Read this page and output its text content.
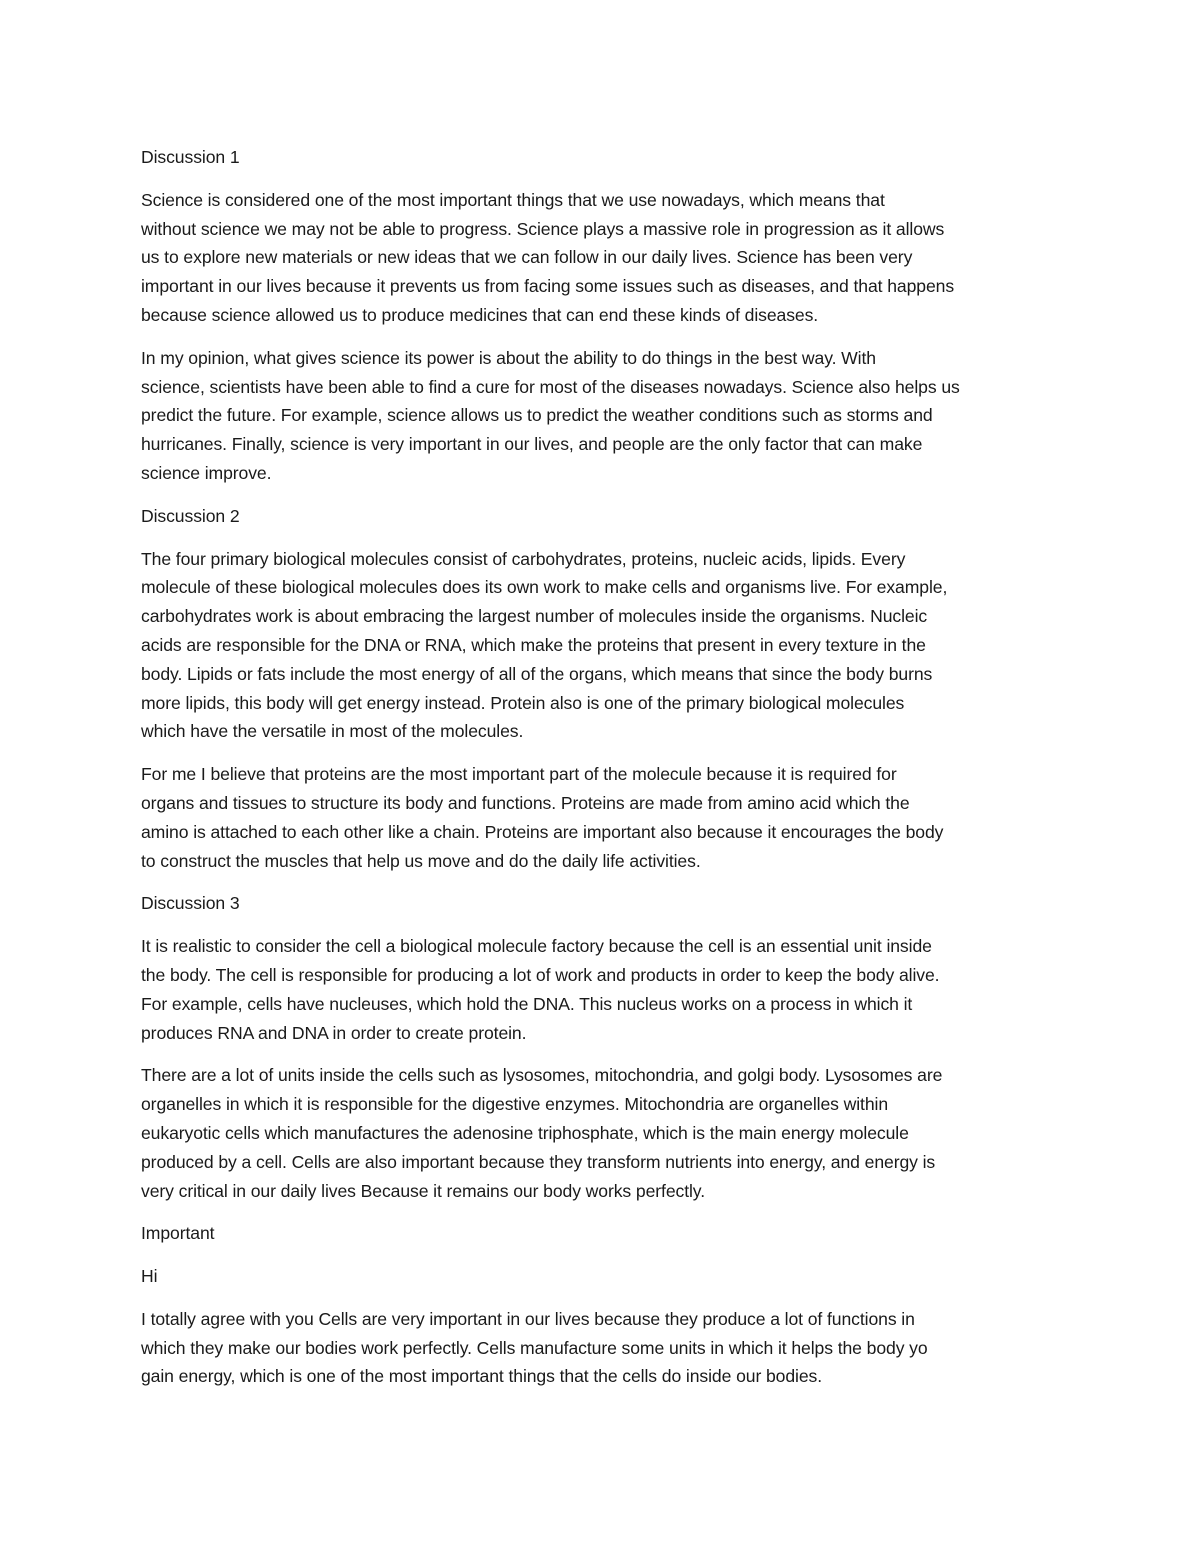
Discussion 1

Science is considered one of the most important things that we use nowadays, which means that
without science we may not be able to progress. Science plays a massive role in progression as it allows
us to explore new materials or new ideas that we can follow in our daily lives. Science has been very
important in our lives because it prevents us from facing some issues such as diseases, and that happens
because science allowed us to produce medicines that can end these kinds of diseases.

In my opinion, what gives science its power is about the ability to do things in the best way. With
science, scientists have been able to find a cure for most of the diseases nowadays. Science also helps us
predict the future. For example, science allows us to predict the weather conditions such as storms and
hurricanes. Finally, science is very important in our lives, and people are the only factor that can make
science improve.

Discussion 2

The four primary biological molecules consist of carbohydrates, proteins, nucleic acids, lipids. Every
molecule of these biological molecules does its own work to make cells and organisms live. For example,
carbohydrates work is about embracing the largest number of molecules inside the organisms. Nucleic
acids are responsible for the DNA or RNA, which make the proteins that present in every texture in the
body. Lipids or fats include the most energy of all of the organs, which means that since the body burns
more lipids, this body will get energy instead. Protein also is one of the primary biological molecules
which have the versatile in most of the molecules.

For me I believe that proteins are the most important part of the molecule because it is required for
organs and tissues to structure its body and functions. Proteins are made from amino acid which the
amino is attached to each other like a chain. Proteins are important also because it encourages the body
to construct the muscles that help us move and do the daily life activities.

Discussion 3

It is realistic to consider the cell a biological molecule factory because the cell is an essential unit inside
the body. The cell is responsible for producing a lot of work and products in order to keep the body alive.
For example, cells have nucleuses, which hold the DNA. This nucleus works on a process in which it
produces RNA and DNA in order to create protein.

There are a lot of units inside the cells such as lysosomes, mitochondria, and golgi body. Lysosomes are
organelles in which it is responsible for the digestive enzymes. Mitochondria are organelles within
eukaryotic cells which manufactures the adenosine triphosphate, which is the main energy molecule
produced by a cell. Cells are also important because they transform nutrients into energy, and energy is
very critical in our daily lives Because it remains our body works perfectly.

Important

Hi

I totally agree with you Cells are very important in our lives because they produce a lot of functions in
which they make our bodies work perfectly. Cells manufacture some units in which it helps the body yo
gain energy, which is one of the most important things that the cells do inside our bodies.
